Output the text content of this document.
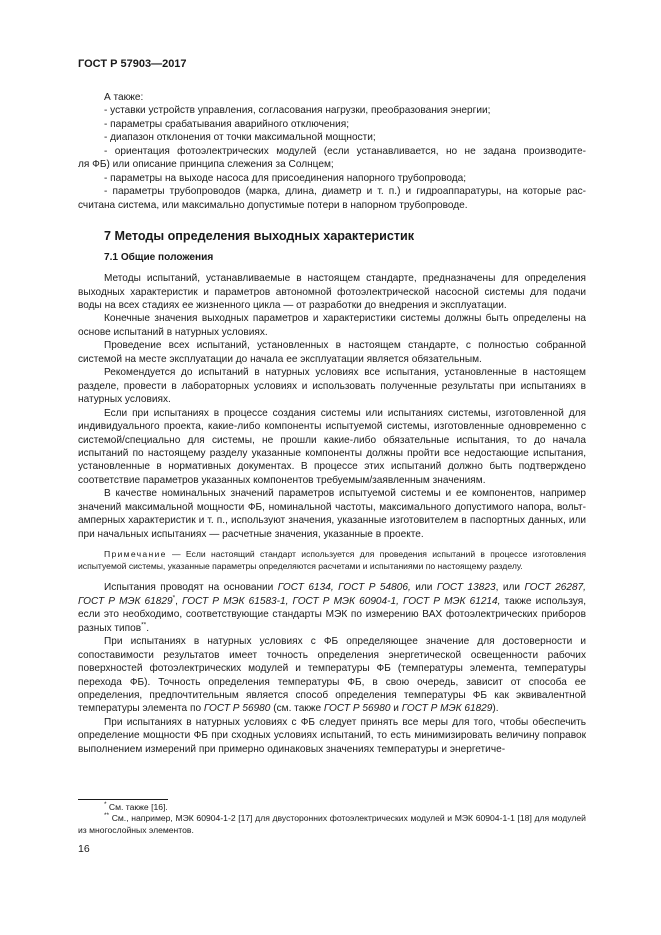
ГОСТ Р 57903—2017

А также:

- уставки устройств управления, согласования нагрузки, преобразования энергии;

- параметры срабатывания аварийного отключения;

- диапазон отклонения от точки максимальной мощности;

- ориентация фотоэлектрических модулей (если устанавливается, но не задана производите-

ля ФБ) или описание принципа слежения за Солнцем;

- параметры на выходе насоса для присоединения напорного трубопровода;

- параметры трубопроводов (марка, длина, диаметр и т. п.) и гидроаппаратуры, на которые рас-

считана система, или максимально допустимые потери в напорном трубопроводе.

7 Методы определения выходных характеристик
7.1 Общие положения

Методы испытаний, устанавливаемые в настоящем стандарте, предназначены для определения выходных характеристик и параметров автономной фотоэлектрической насосной системы для подачи воды на всех стадиях ее жизненного цикла — от разработки до внедрения и эксплуатации.

Конечные значения выходных параметров и характеристики системы должны быть определены на основе испытаний в натурных условиях.

Проведение всех испытаний, установленных в настоящем стандарте, с полностью собранной системой на месте эксплуатации до начала ее эксплуатации является обязательным.

Рекомендуется до испытаний в натурных условиях все испытания, установленные в настоящем разделе, провести в лабораторных условиях и использовать полученные результаты при испытаниях в натурных условиях.

Если при испытаниях в процессе создания системы или испытаниях системы, изготовленной для индивидуального проекта, какие-либо компоненты испытуемой системы, изготовленные одновременно с системой/специально для системы, не прошли какие-либо обязательные испытания, то до начала испытаний по настоящему разделу указанные компоненты должны пройти все недостающие испытания, установленные в нормативных документах. В процессе этих испытаний должно быть подтверждено соответствие параметров указанных компонентов требуемым/заявленным значениям.

В качестве номинальных значений параметров испытуемой системы и ее компонентов, например значений максимальной мощности ФБ, номинальной частоты, максимального допустимого напора, вольт-амперных характеристик и т. п., используют значения, указанные изготовителем в паспортных данных, или при начальных испытаниях — расчетные значения, указанные в проекте.

Примечание — Если настоящий стандарт используется для проведения испытаний в процессе изготовления испытуемой системы, указанные параметры определяются расчетами и испытаниями по настоящему разделу.

Испытания проводят на основании ГОСТ 6134, ГОСТ Р 54806, или ГОСТ 13823, или ГОСТ 26287, ГОСТ Р МЭК 61829*, ГОСТ Р МЭК 61583-1, ГОСТ Р МЭК 60904-1, ГОСТ Р МЭК 61214, также используя, если это необходимо, соответствующие стандарты МЭК по измерению ВАХ фотоэлектрических приборов разных типов**.

При испытаниях в натурных условиях с ФБ определяющее значение для достоверности и сопоставимости результатов имеет точность определения энергетической освещенности рабочих поверхностей фотоэлектрических модулей и температуры ФБ (температуры элемента, температуры перехода ФБ). Точность определения температуры ФБ, в свою очередь, зависит от способа ее определения, предпочтительным является способ определения температуры ФБ как эквивалентной температуры элемента по ГОСТ Р 56980 (см. также ГОСТ Р 56980 и ГОСТ Р МЭК 61829).

При испытаниях в натурных условиях с ФБ следует принять все меры для того, чтобы обеспечить определение мощности ФБ при сходных условиях испытаний, то есть минимизировать величину поправок выполнением измерений при примерно одинаковых значениях температуры и энергетиче-

* См. также [16].

** См., например, МЭК 60904-1-2 [17] для двусторонних фотоэлектрических модулей и МЭК 60904-1-1 [18] для модулей из многослойных элементов.

16
